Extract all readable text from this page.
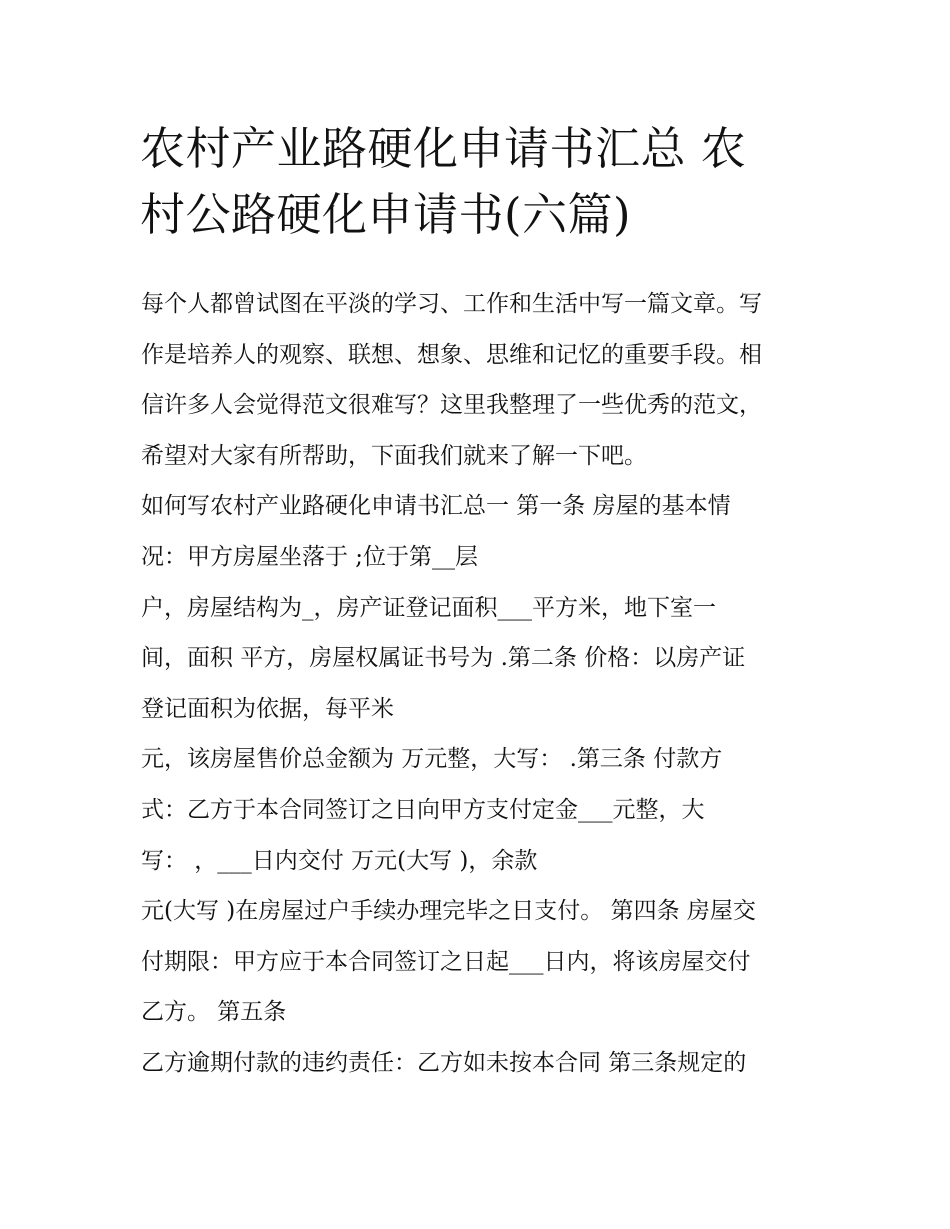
农村产业路硬化申请书汇总 农
村公路硬化申请书(六篇)
每个人都曾试图在平淡的学习、工作和生活中写一篇文章。写
作是培养人的观察、联想、想象、思维和记忆的重要手段。相
信许多人会觉得范文很难写？这里我整理了一些优秀的范文，
希望对大家有所帮助，下面我们就来了解一下吧。
如何写农村产业路硬化申请书汇总一 第一条 房屋的基本情
况：甲方房屋坐落于 ;位于第__层
户，房屋结构为_，房产证登记面积___平方米，地下室一
间，面积 平方，房屋权属证书号为 .第二条 价格：以房产证
登记面积为依据，每平米
元，该房屋售价总金额为 万元整，大写： .第三条 付款方
式：乙方于本合同签订之日向甲方支付定金___元整，大
写： ，___日内交付 万元(大写 )，余款
元(大写 )在房屋过户手续办理完毕之日支付。 第四条 房屋交
付期限：甲方应于本合同签订之日起___日内，将该房屋交付
乙方。 第五条
乙方逾期付款的违约责任：乙方如未按本合同 第三条规定的
